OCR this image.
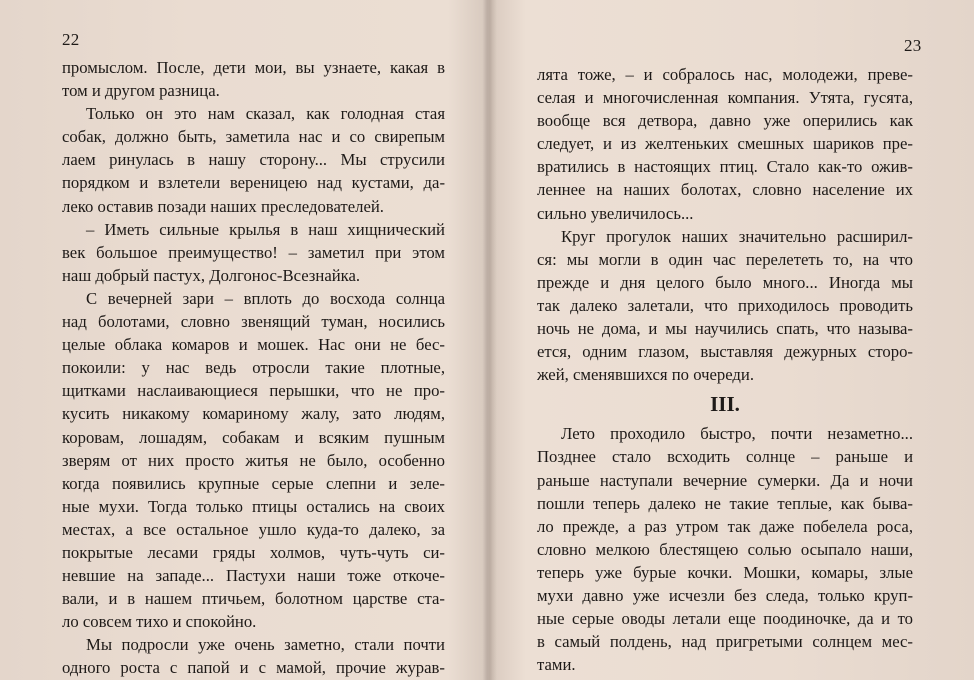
22
промыслом. После, дети мои, вы узнаете, какая в
том и другом разница.
Только он это нам сказал, как голодная стая
собак, должно быть, заметила нас и со свирепым
лаем ринулась в нашу сторону... Мы струсили
порядком и взлетели вереницею над кустами, да-
леко оставив позади наших преследователей.
– Иметь сильные крылья в наш хищнический
век большое преимущество! – заметил при этом
наш добрый пастух, Долгонос-Всезнайка.
С вечерней зари – вплоть до восхода солнца
над болотами, словно звенящий туман, носились
целые облака комаров и мошек. Нас они не бес-
покоили: у нас ведь отросли такие плотные,
щитками наслаивающиеся перышки, что не про-
кусить никакому комариному жалу, зато людям,
коровам, лошадям, собакам и всяким пушным
зверям от них просто житья не было, особенно
когда появились крупные серые слепни и зеле-
ные мухи. Тогда только птицы остались на своих
местах, а все остальное ушло куда-то далеко, за
покрытые лесами гряды холмов, чуть-чуть си-
невшие на западе... Пастухи наши тоже откоче-
вали, и в нашем птичьем, болотном царстве ста-
ло совсем тихо и спокойно.
Мы подросли уже очень заметно, стали почти
одного роста с папой и с мамой, прочие журав-
23
лята тоже, – и собралось нас, молодежи, преве-
селая и многочисленная компания. Утята, гусята,
вообще вся детвора, давно уже оперились как
следует, и из желтеньких смешных шариков пре-
вратились в настоящих птиц. Стало как-то ожив-
леннее на наших болотах, словно население их
сильно увеличилось...
Круг прогулок наших значительно расширил-
ся: мы могли в один час перелететь то, на что
прежде и дня целого было много... Иногда мы
так далеко залетали, что приходилось проводить
ночь не дома, и мы научились спать, что называ-
ется, одним глазом, выставляя дежурных сторо-
жей, сменявшихся по очереди.
III.
Лето проходило быстро, почти незаметно...
Позднее стало всходить солнце – раньше и
раньше наступали вечерние сумерки. Да и ночи
пошли теперь далеко не такие теплые, как быва-
ло прежде, а раз утром так даже побелела роса,
словно мелкою блестящею солью осыпало наши,
теперь уже бурые кочки. Мошки, комары, злые
мухи давно уже исчезли без следа, только круп-
ные серые оводы летали еще поодиночке, да и то
в самый полдень, над пригретыми солнцем мес-
тами.
